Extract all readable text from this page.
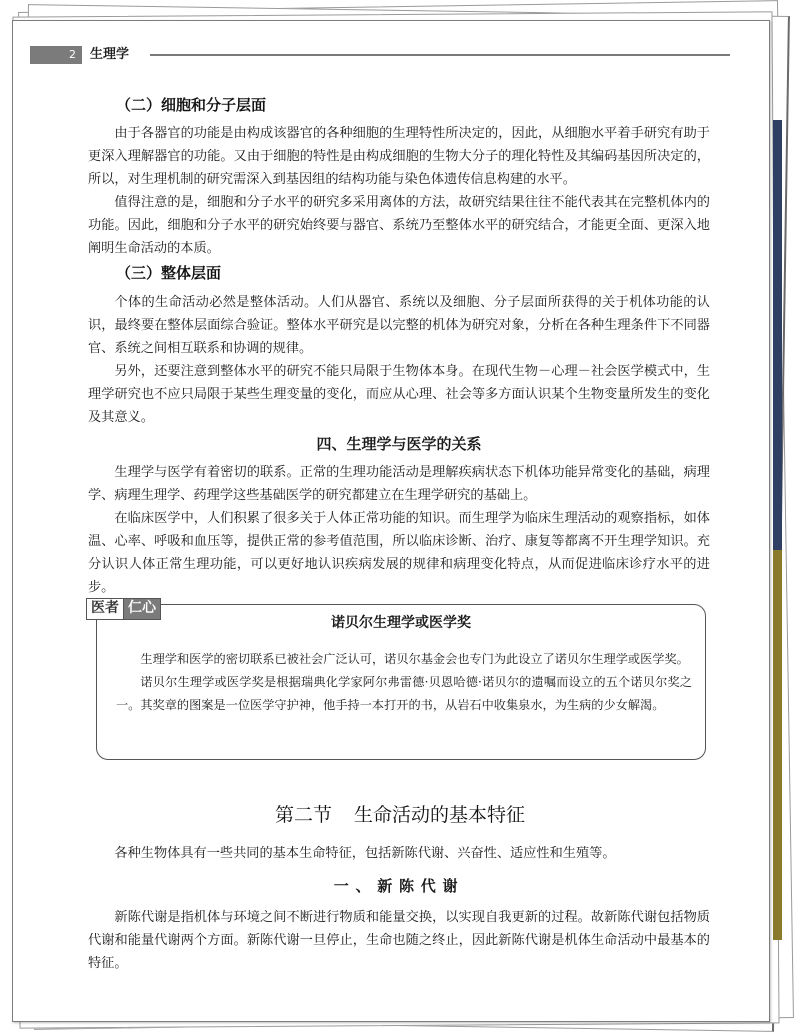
2	生理学
（二）细胞和分子层面
由于各器官的功能是由构成该器官的各种细胞的生理特性所决定的，因此，从细胞水平着手研究有助于更深入理解器官的功能。又由于细胞的特性是由构成细胞的生物大分子的理化特性及其编码基因所决定的，所以，对生理机制的研究需深入到基因组的结构功能与染色体遗传信息构建的水平。
值得注意的是，细胞和分子水平的研究多采用离体的方法，故研究结果往往不能代表其在完整机体内的功能。因此，细胞和分子水平的研究始终要与器官、系统乃至整体水平的研究结合，才能更全面、更深入地阐明生命活动的本质。
（三）整体层面
个体的生命活动必然是整体活动。人们从器官、系统以及细胞、分子层面所获得的关于机体功能的认识，最终要在整体层面综合验证。整体水平研究是以完整的机体为研究对象，分析在各种生理条件下不同器官、系统之间相互联系和协调的规律。
另外，还要注意到整体水平的研究不能只局限于生物体本身。在现代生物－心理－社会医学模式中，生理学研究也不应只局限于某些生理变量的变化，而应从心理、社会等多方面认识某个生物变量所发生的变化及其意义。
四、生理学与医学的关系
生理学与医学有着密切的联系。正常的生理功能活动是理解疾病状态下机体功能异常变化的基础，病理学、病理生理学、药理学这些基础医学的研究都建立在生理学研究的基础上。
在临床医学中，人们积累了很多关于人体正常功能的知识。而生理学为临床生理活动的观察指标，如体温、心率、呼吸和血压等，提供正常的参考值范围，所以临床诊断、治疗、康复等都离不开生理学知识。充分认识人体正常生理功能，可以更好地认识疾病发展的规律和病理变化特点，从而促进临床诊疗水平的进步。
医者 仁心
诺贝尔生理学或医学奖

生理学和医学的密切联系已被社会广泛认可，诺贝尔基金会也专门为此设立了诺贝尔生理学或医学奖。

诺贝尔生理学或医学奖是根据瑞典化学家阿尔弗雷德·贝恩哈德·诺贝尔的遗嘱而设立的五个诺贝尔奖之一。其奖章的图案是一位医学守护神，他手持一本打开的书，从岩石中收集泉水，为生病的少女解渴。

第二节 生命活动的基本特征
各种生物体具有一些共同的基本生命特征，包括新陈代谢、兴奋性、适应性和生殖等。
一、新陈代谢
新陈代谢是指机体与环境之间不断进行物质和能量交换，以实现自我更新的过程。故新陈代谢包括物质代谢和能量代谢两个方面。新陈代谢一旦停止，生命也随之终止，因此新陈代谢是机体生命活动中最基本的特征。
